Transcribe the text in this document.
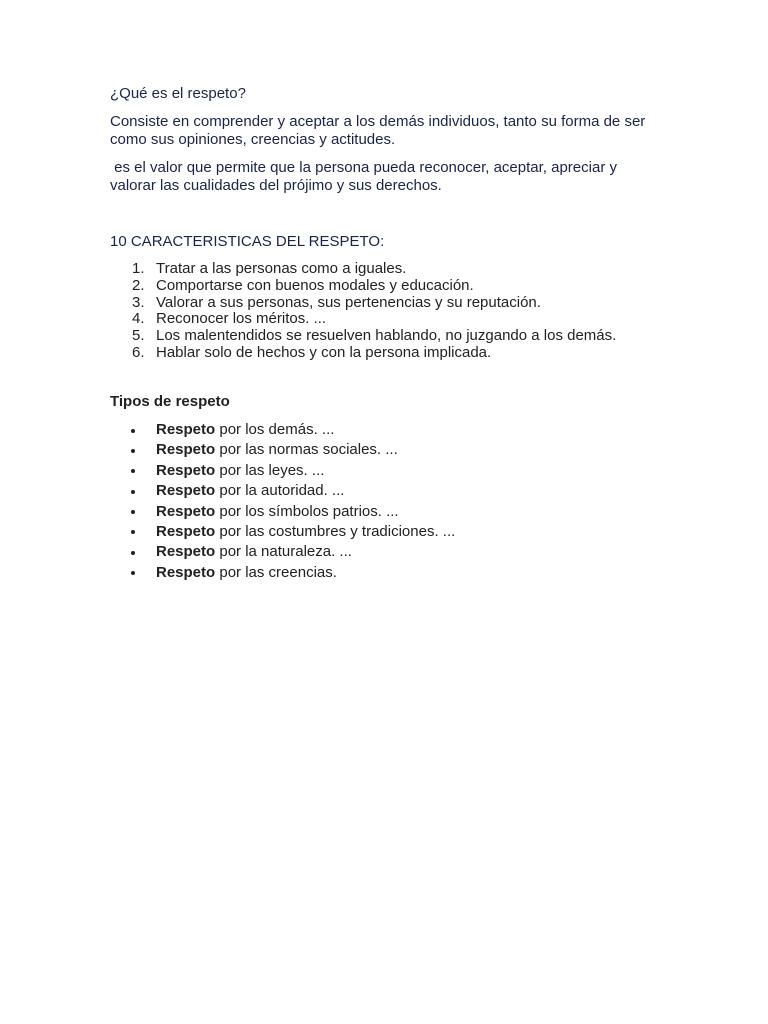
¿Qué es el respeto?
Consiste en comprender y aceptar a los demás individuos, tanto su forma de ser como sus opiniones, creencias y actitudes.
es el valor que permite que la persona pueda reconocer, aceptar, apreciar y valorar las cualidades del prójimo y sus derechos.
10 CARACTERISTICAS DEL RESPETO:
1. Tratar a las personas como a iguales.
2. Comportarse con buenos modales y educación.
3. Valorar a sus personas, sus pertenencias y su reputación.
4. Reconocer los méritos. ...
5. Los malentendidos se resuelven hablando, no juzgando a los demás.
6. Hablar solo de hechos y con la persona implicada.
Tipos de respeto
Respeto por los demás. ...
Respeto por las normas sociales. ...
Respeto por las leyes. ...
Respeto por la autoridad. ...
Respeto por los símbolos patrios. ...
Respeto por las costumbres y tradiciones. ...
Respeto por la naturaleza. ...
Respeto por las creencias.
